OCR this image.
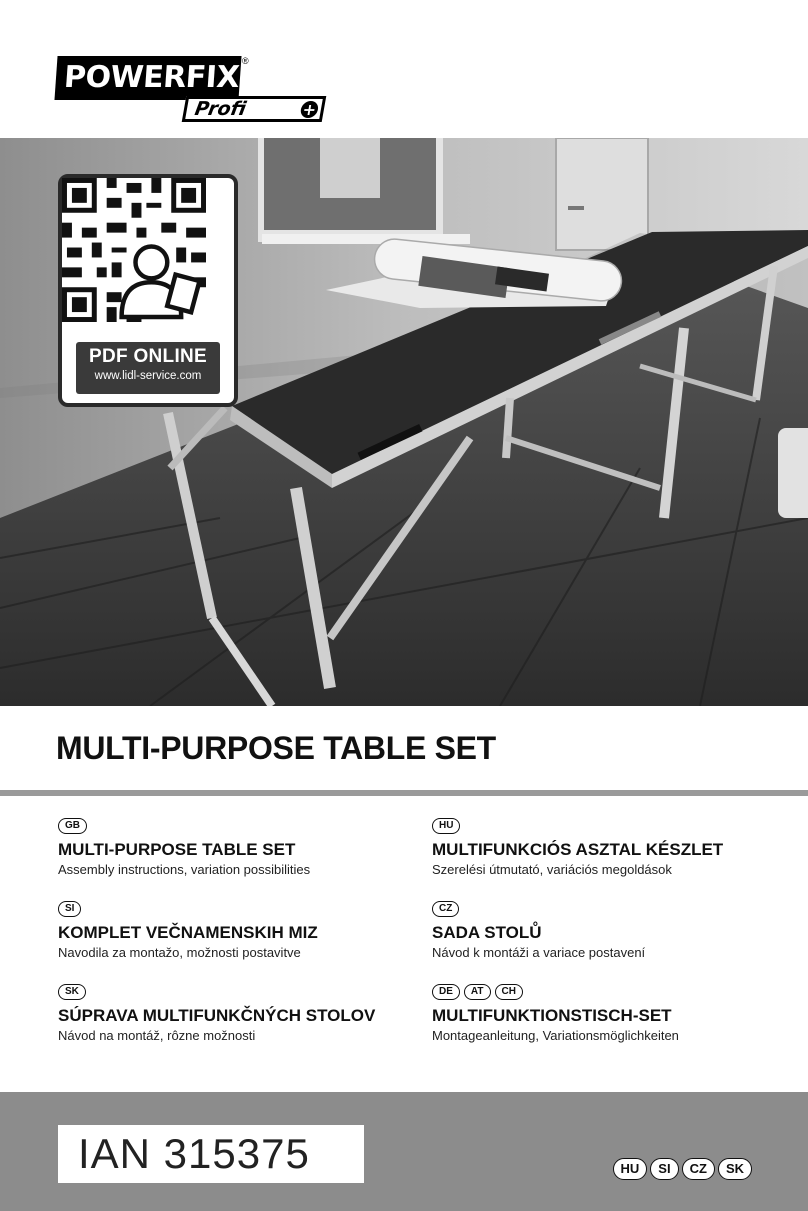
POWERFIX ®
Profi	+
PDF ONLINE
www.lidl-service.com
MULTI-PURPOSE TABLE SET
GB
MULTI-PURPOSE TABLE SET
Assembly instructions, variation possibilities
HU
MULTIFUNKCIÓS ASZTAL KÉSZLET
Szerelési útmutató, variációs megoldások
SI
KOMPLET VEČNAMENSKIH MIZ
Navodila za montažo, možnosti postavitve
CZ
SADA STOLŮ
Návod k montáži a variace postavení
SK
SÚPRAVA MULTIFUNKČNÝCH STOLOV
Návod na montáž, rôzne možnosti
DE	AT	CH
MULTIFUNKTIONSTISCH-SET
Montageanleitung, Variationsmöglichkeiten
IAN 315375	HU	SI	CZ	SK
